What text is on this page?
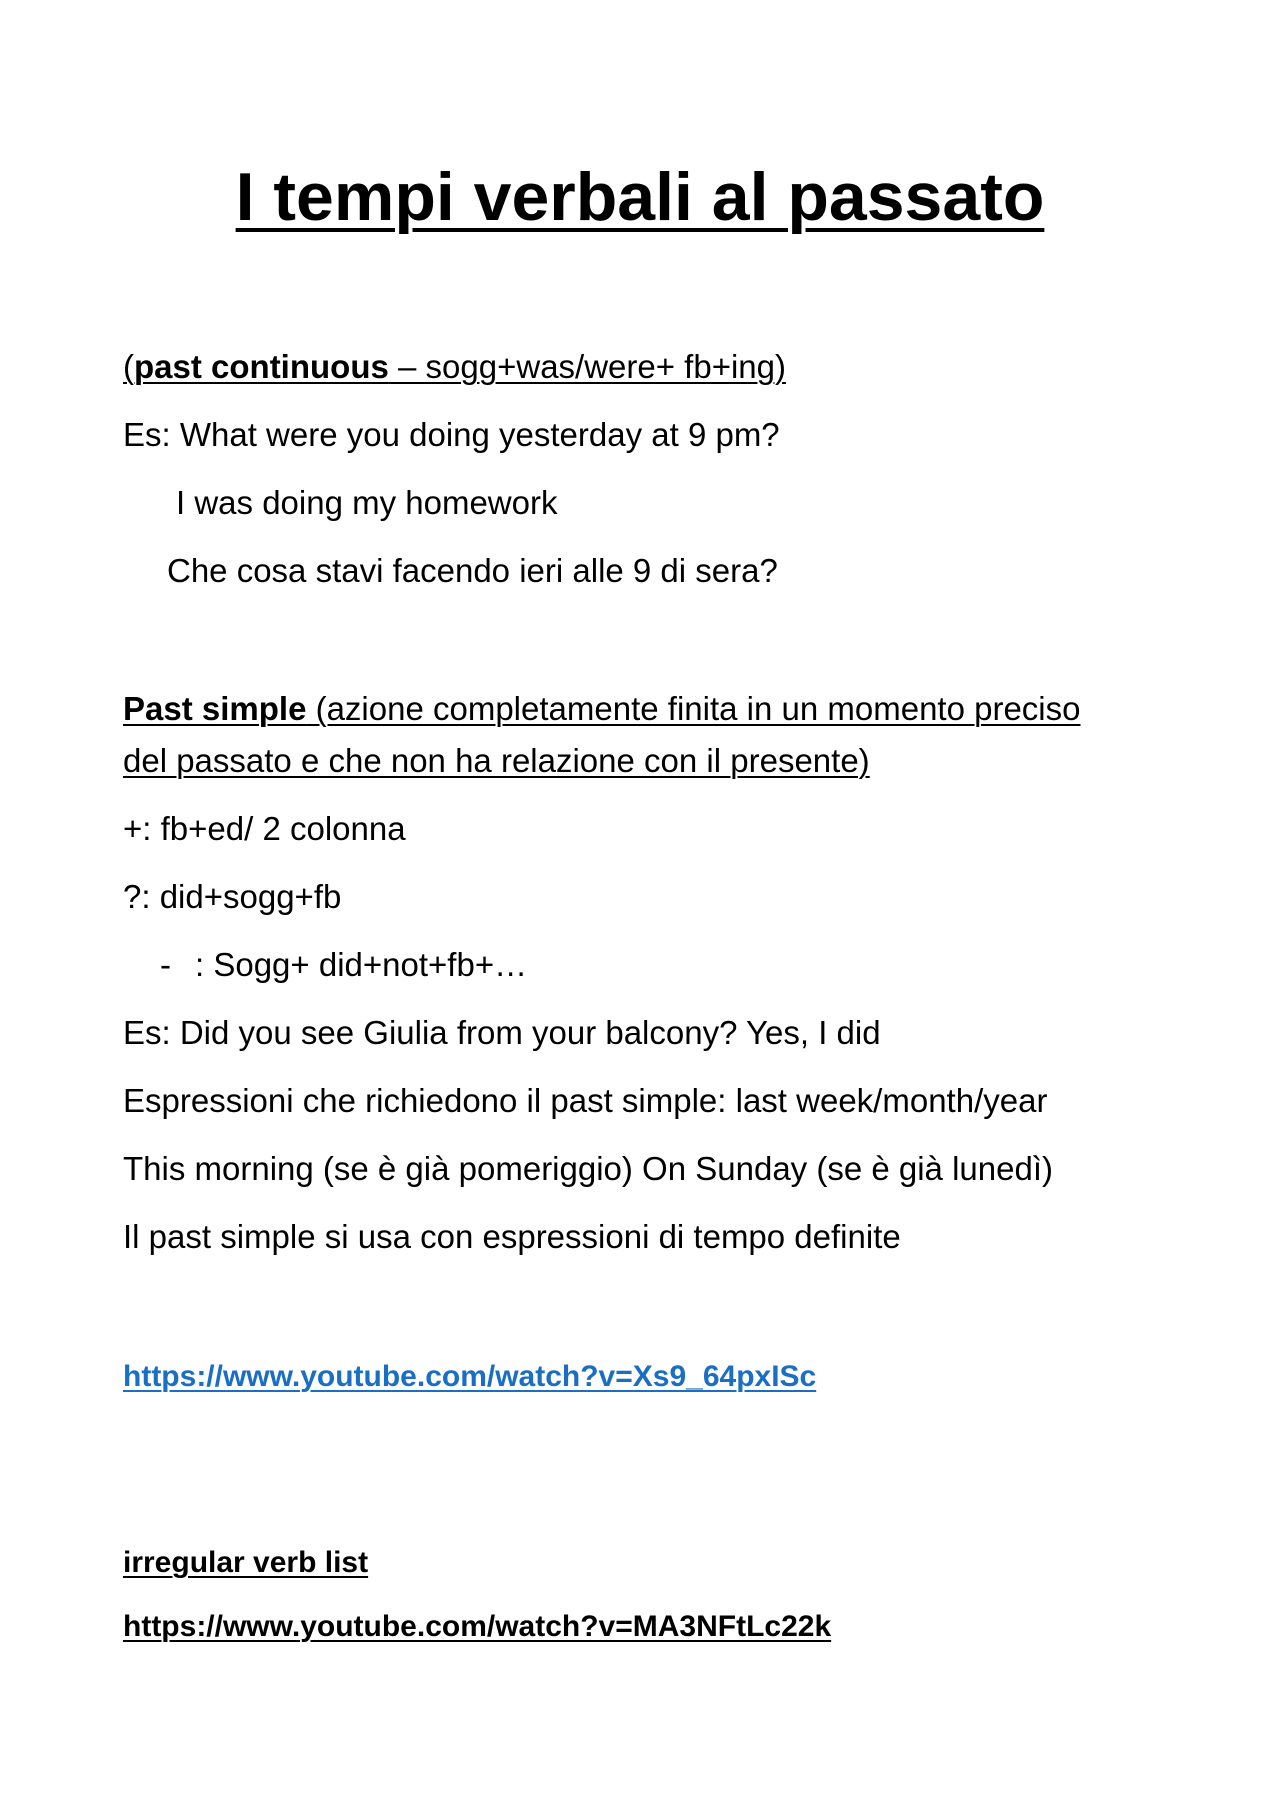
I tempi verbali al passato
(past continuous – sogg+was/were+ fb+ing)
Es: What were you doing yesterday at 9 pm?
I was doing my homework
Che cosa stavi facendo ieri alle 9 di sera?
Past simple (azione completamente finita in un momento preciso
del passato e che non ha relazione con il presente)
+: fb+ed/ 2 colonna
?: did+sogg+fb
- : Sogg+ did+not+fb+…
Es: Did you see Giulia from your balcony? Yes, I did
Espressioni che richiedono il past simple: last week/month/year
This morning (se è già pomeriggio) On Sunday (se è già lunedì)
Il past simple si usa con espressioni di tempo definite
https://www.youtube.com/watch?v=Xs9_64pxISc
irregular verb list
https://www.youtube.com/watch?v=MA3NFtLc22k
